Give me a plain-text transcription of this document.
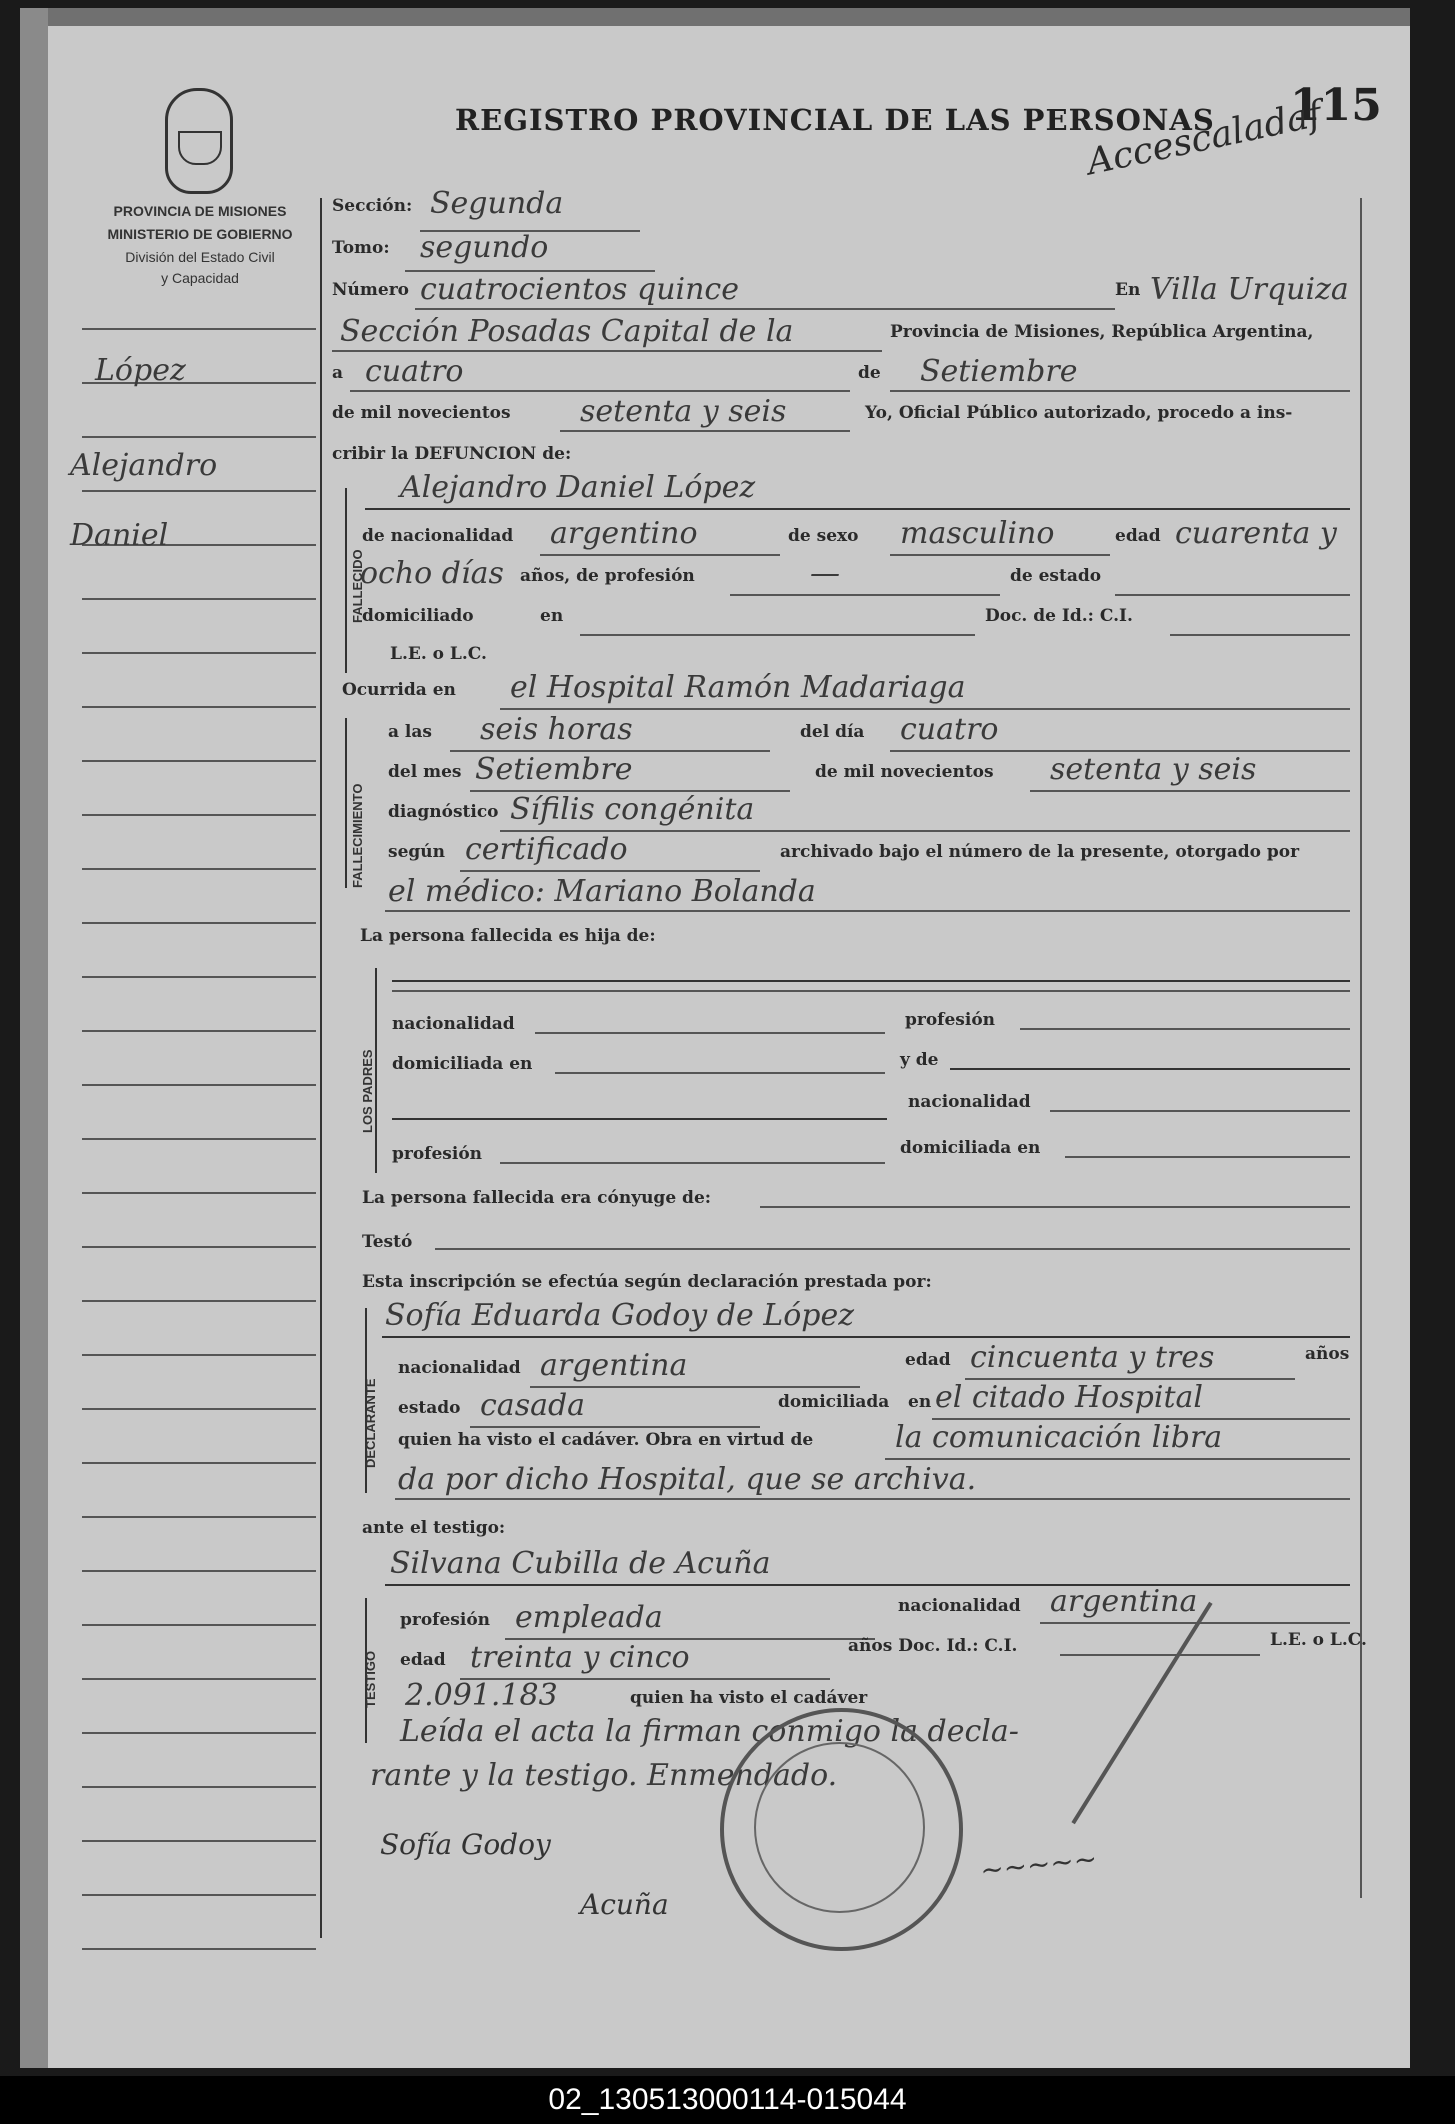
PROVINCIA DE MISIONES
MINISTERIO DE GOBIERNO
División del Estado Civil
y Capacidad
REGISTRO PROVINCIAL DE LAS PERSONAS 115
Accescaladaf
López
Alejandro
Daniel
Sección: Segunda
Tomo: segundo
Número cuatrocientos quince	En Villa Urquiza
Sección Posadas Capital de la	Provincia de Misiones, República Argentina,
a cuatro	de Setiembre
de mil novecientos setenta y seis	Yo, Oficial Público autorizado, procedo a ins-
cribir la DEFUNCION de:
FALLECIDO
Alejandro Daniel López
de nacionalidad argentino	de sexo masculino	edad cuarenta y
ocho días años, de profesión	—	de estado
domiciliado	en	Doc. de Id.: C.I.
L.E. o L.C.
Ocurrida en el Hospital Ramón Madariaga
FALLECIMIENTO
a las seis horas	del día cuatro
del mes Setiembre	de mil novecientos setenta y seis
diagnóstico Sífilis congénita
según certificado	archivado bajo el número de la presente, otorgado por
el médico: Mariano Bolanda
La persona fallecida es hija de:
LOS PADRES
nacionalidad	profesión
domiciliada en	y de
nacionalidad
profesión	domiciliada en
La persona fallecida era cónyuge de:
Testó
Esta inscripción se efectúa según declaración prestada por:
DECLARANTE
Sofía Eduarda Godoy de López
nacionalidad argentina	edad cincuenta y tres	años
estado casada	domiciliada en el citado Hospital
quien ha visto el cadáver. Obra en virtud de	la comunicación libra
da por dicho Hospital, que se archiva.
ante el testigo:
TESTIGO
Silvana Cubilla de Acuña
profesión empleada	nacionalidad argentina
edad treinta y cinco	años Doc. Id.: C.I.	L.E. o L.C.
2.091.183	quien ha visto el cadáver
Leída el acta la firman conmigo la decla-
rante y la testigo. Enmendado.
Sofía Godoy
Acuña
~~~~~
02_130513000114-015044
